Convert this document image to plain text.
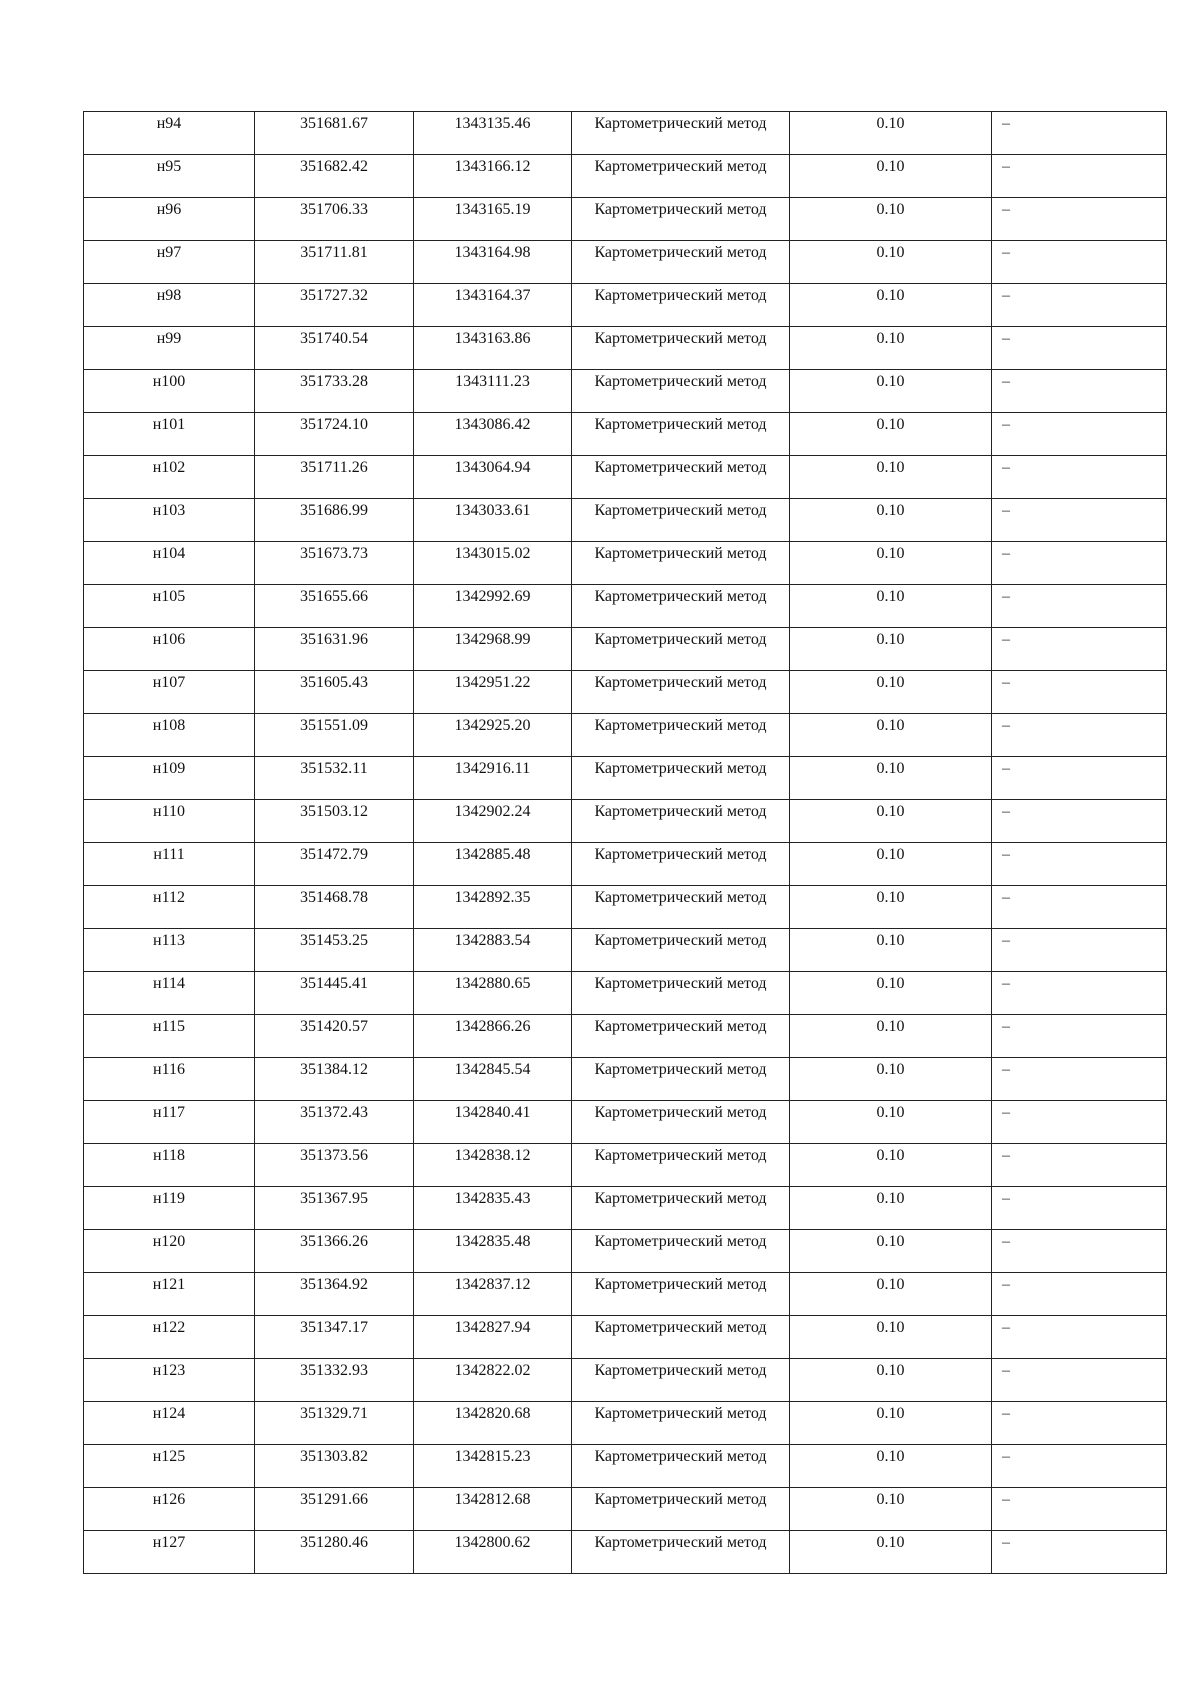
н94	351681.67	1343135.46	Картометрический метод	0.10	–

н95	351682.42	1343166.12	Картометрический метод	0.10	–

н96	351706.33	1343165.19	Картометрический метод	0.10	–

н97	351711.81	1343164.98	Картометрический метод	0.10	–

н98	351727.32	1343164.37	Картометрический метод	0.10	–

н99	351740.54	1343163.86	Картометрический метод	0.10	–

н100	351733.28	1343111.23	Картометрический метод	0.10	–

н101	351724.10	1343086.42	Картометрический метод	0.10	–

н102	351711.26	1343064.94	Картометрический метод	0.10	–

н103	351686.99	1343033.61	Картометрический метод	0.10	–

н104	351673.73	1343015.02	Картометрический метод	0.10	–

н105	351655.66	1342992.69	Картометрический метод	0.10	–

н106	351631.96	1342968.99	Картометрический метод	0.10	–

н107	351605.43	1342951.22	Картометрический метод	0.10	–

н108	351551.09	1342925.20	Картометрический метод	0.10	–

н109	351532.11	1342916.11	Картометрический метод	0.10	–

н110	351503.12	1342902.24	Картометрический метод	0.10	–

н111	351472.79	1342885.48	Картометрический метод	0.10	–

н112	351468.78	1342892.35	Картометрический метод	0.10	–

н113	351453.25	1342883.54	Картометрический метод	0.10	–

н114	351445.41	1342880.65	Картометрический метод	0.10	–

н115	351420.57	1342866.26	Картометрический метод	0.10	–

н116	351384.12	1342845.54	Картометрический метод	0.10	–

н117	351372.43	1342840.41	Картометрический метод	0.10	–

н118	351373.56	1342838.12	Картометрический метод	0.10	–

н119	351367.95	1342835.43	Картометрический метод	0.10	–

н120	351366.26	1342835.48	Картометрический метод	0.10	–

н121	351364.92	1342837.12	Картометрический метод	0.10	–

н122	351347.17	1342827.94	Картометрический метод	0.10	–

н123	351332.93	1342822.02	Картометрический метод	0.10	–

н124	351329.71	1342820.68	Картометрический метод	0.10	–

н125	351303.82	1342815.23	Картометрический метод	0.10	–

н126	351291.66	1342812.68	Картометрический метод	0.10	–

н127	351280.46	1342800.62	Картометрический метод	0.10	–
